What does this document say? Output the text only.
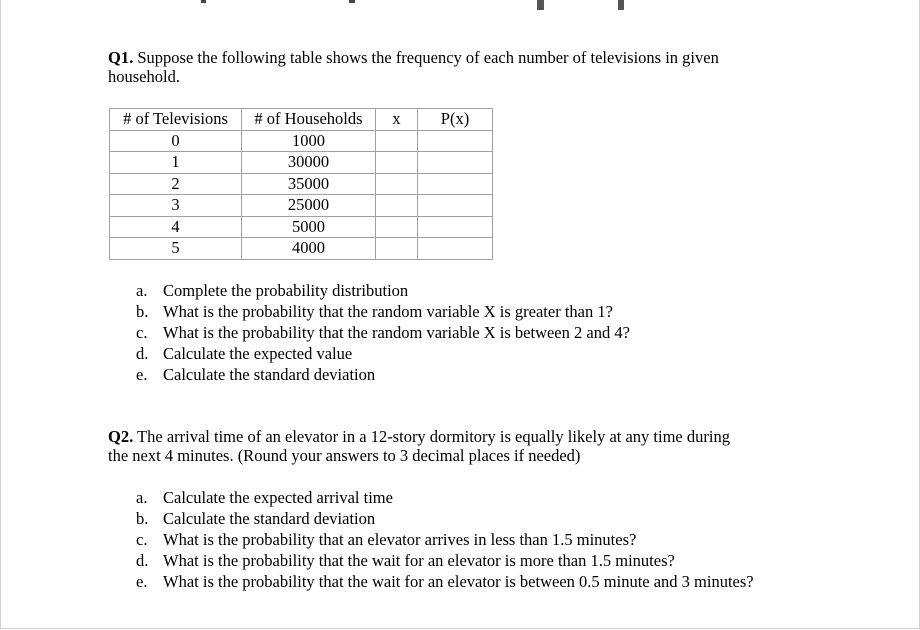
Q1. Suppose the following table shows the frequency of each number of televisions in given
household.
# of Televisions	# of Households	x	P(x)
0	1000		
1	30000		
2	35000		
3	25000		
4	5000		
5	4000		
a. Complete the probability distribution
b. What is the probability that the random variable X is greater than 1?
c. What is the probability that the random variable X is between 2 and 4?
d. Calculate the expected value
e. Calculate the standard deviation
Q2. The arrival time of an elevator in a 12-story dormitory is equally likely at any time during
the next 4 minutes. (Round your answers to 3 decimal places if needed)
a. Calculate the expected arrival time
b. Calculate the standard deviation
c. What is the probability that an elevator arrives in less than 1.5 minutes?
d. What is the probability that the wait for an elevator is more than 1.5 minutes?
e. What is the probability that the wait for an elevator is between 0.5 minute and 3 minutes?
